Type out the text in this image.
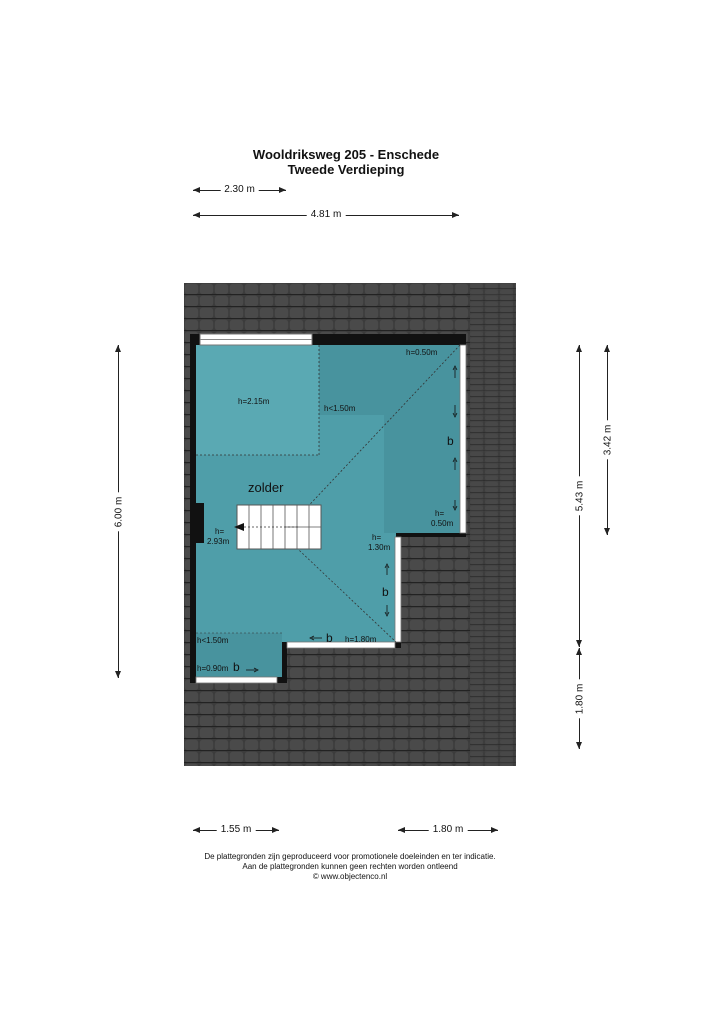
Wooldriksweg 205 - Enschede
Tweede Verdieping
2.30 m
4.81 m
6.00 m
5.43 m
3.42 m
1.80 m
1.55 m	1.80 m
zolder
h=2.15m
h<1.50m
h=0.50m
h=
0.50m
h=
2.93m	h=
1.30m
h<1.50m	h=1.80m
h=0.90m
b
b
b
b
De plattegronden zijn geproduceerd voor promotionele doeleinden en ter indicatie.
Aan de plattegronden kunnen geen rechten worden ontleend
© www.objectenco.nl
